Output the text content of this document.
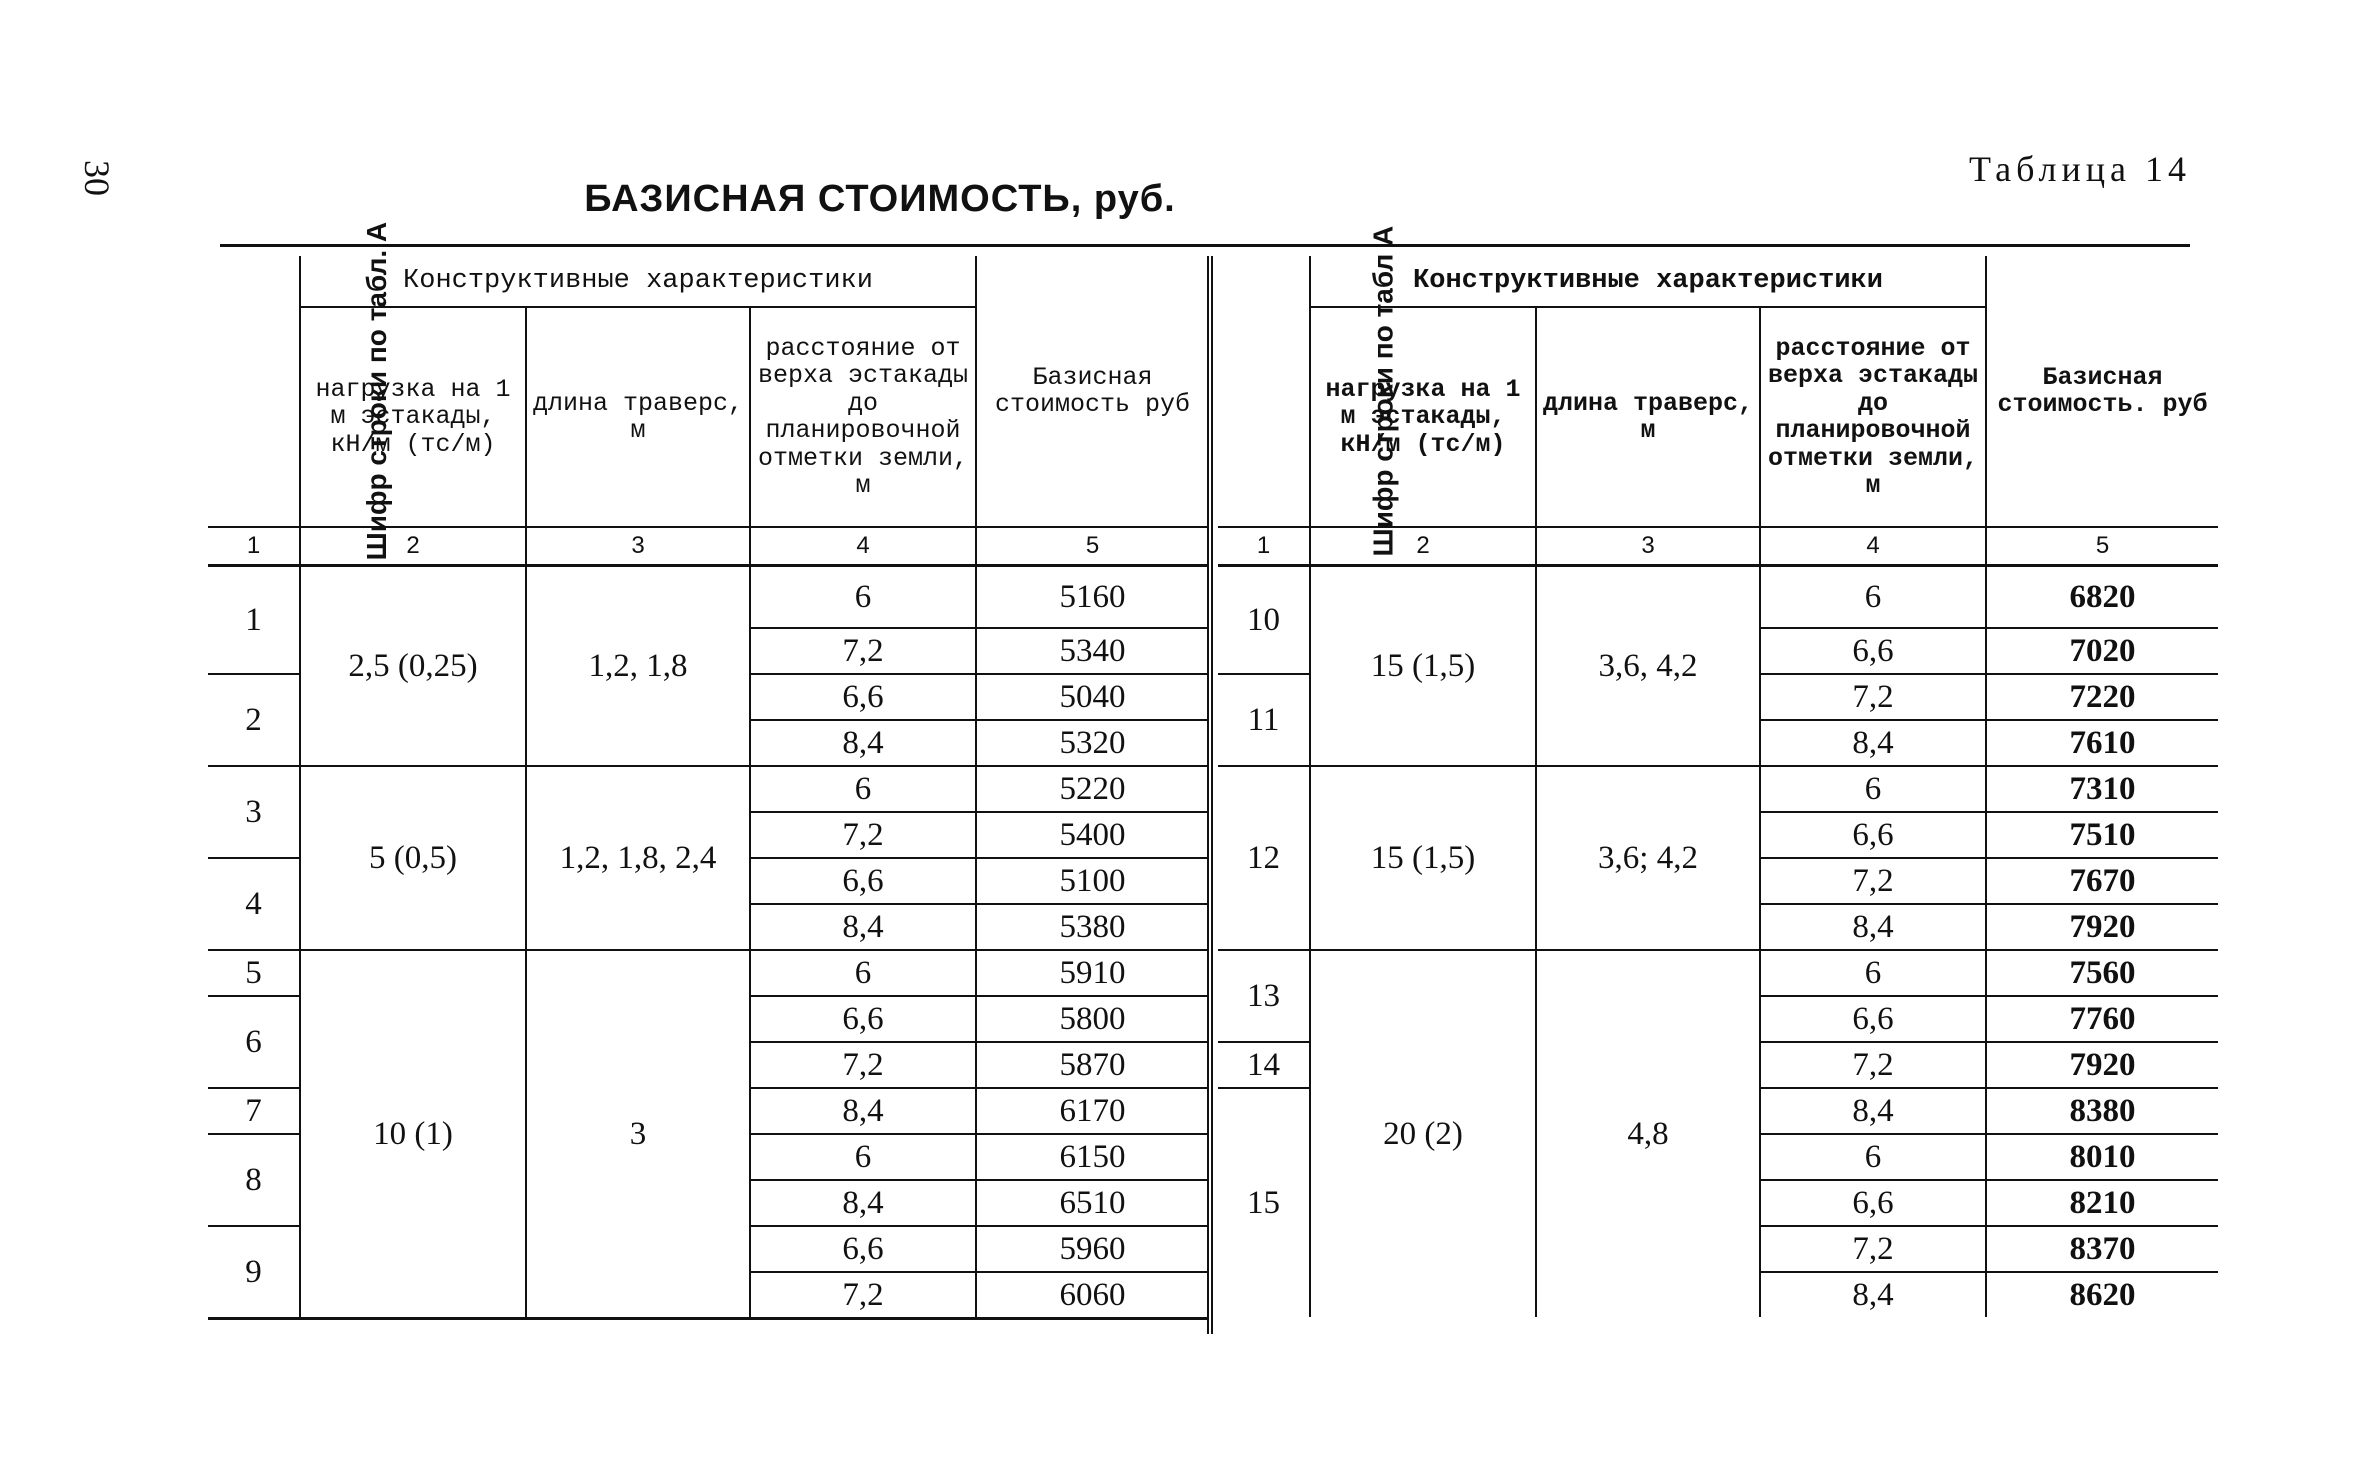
30	Таблица 14
БАЗИСНАЯ СТОИМОСТЬ, руб.
Шифр строки по табл. А	Конструктивные характеристики			Базисная стоимость руб
	нагрузка на 1 м эстакады, кН/м (тс/м)	длина траверс, м	расстояние от верха эстакады до планировочной отметки земли, м	
1	2	3	4	5
1	2,5 (0,25)	1,2, 1,8	6	5160
			7,2	5340
2			6,6	5040
			8,4	5320
3	5 (0,5)	1,2, 1,8, 2,4	6	5220
			7,2	5400
4			6,6	5100
			8,4	5380
5	10 (1)	3	6	5910
6			6,6	5800
			7,2	5870
7			8,4	6170
8			6	6150
			8,4	6510
9			6,6	5960
			7,2	6060
Шифр строки по табл А	Конструктивные характеристики			Базисная стоимость. руб
	нагрузка на 1 м эстакады, кН/м (тс/м)	длина траверс, м	расстояние от верха эстакады до планировочной отметки земли, м	
1	2	3	4	5
10	15 (1,5)	3,6, 4,2	6	6820
			6,6	7020
11			7,2	7220
			8,4	7610
12	15 (1,5)	3,6; 4,2	6	7310
			6,6	7510
			7,2	7670
			8,4	7920
13	20 (2)	4,8	6	7560
			6,6	7760
14			7,2	7920
15			8,4	8380
			6	8010
			6,6	8210
			7,2	8370
			8,4	8620
